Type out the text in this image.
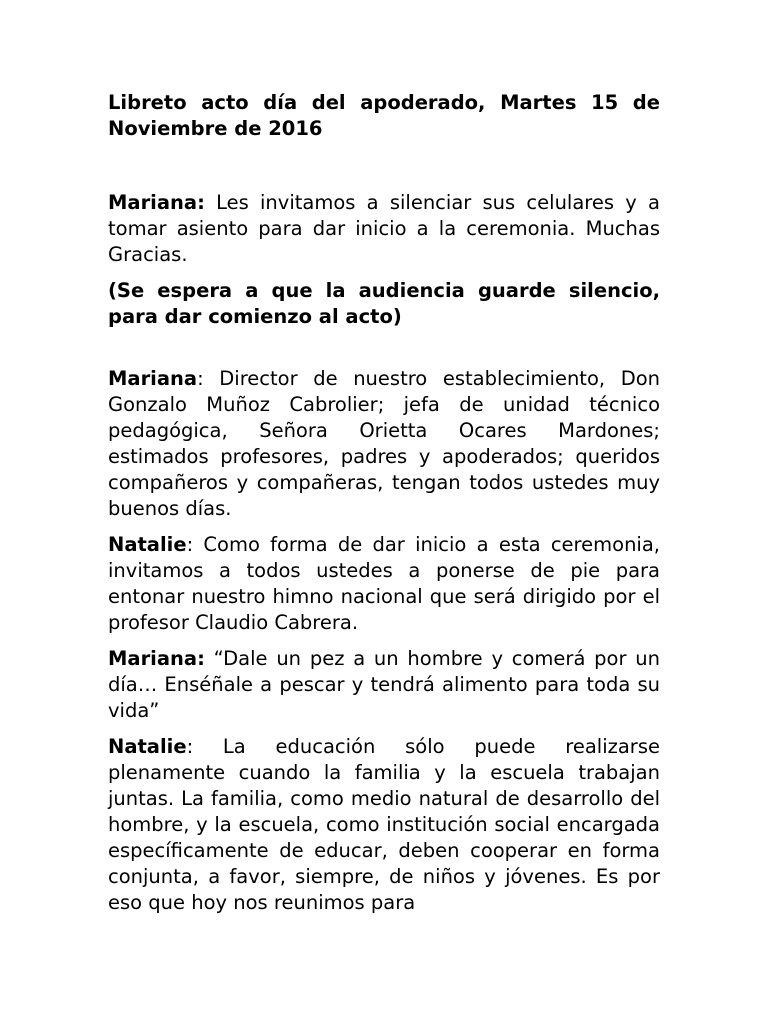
Libreto acto día del apoderado, Martes 15 de Noviembre de 2016

Mariana: Les invitamos a silenciar sus celulares y a tomar asiento para dar inicio a la ceremonia. Muchas Gracias.

(Se espera a que la audiencia guarde silencio, para dar comienzo al acto)

Mariana: Director de nuestro establecimiento, Don Gonzalo Muñoz Cabrolier; jefa de unidad técnico pedagógica, Señora Orietta Ocares Mardones; estimados profesores, padres y apoderados; queridos compañeros y compañeras, tengan todos ustedes muy buenos días.

Natalie: Como forma de dar inicio a esta ceremonia, invitamos a todos ustedes a ponerse de pie para entonar nuestro himno nacional que será dirigido por el profesor Claudio Cabrera.

Mariana: “Dale un pez a un hombre y comerá por un día… Enséñale a pescar y tendrá alimento para toda su vida”

Natalie: La educación sólo puede realizarse plenamente cuando la familia y la escuela trabajan juntas. La familia, como medio natural de desarrollo del hombre, y la escuela, como institución social encargada específicamente de educar, deben cooperar en forma conjunta, a favor, siempre, de niños y jóvenes. Es por eso que hoy nos reunimos para
